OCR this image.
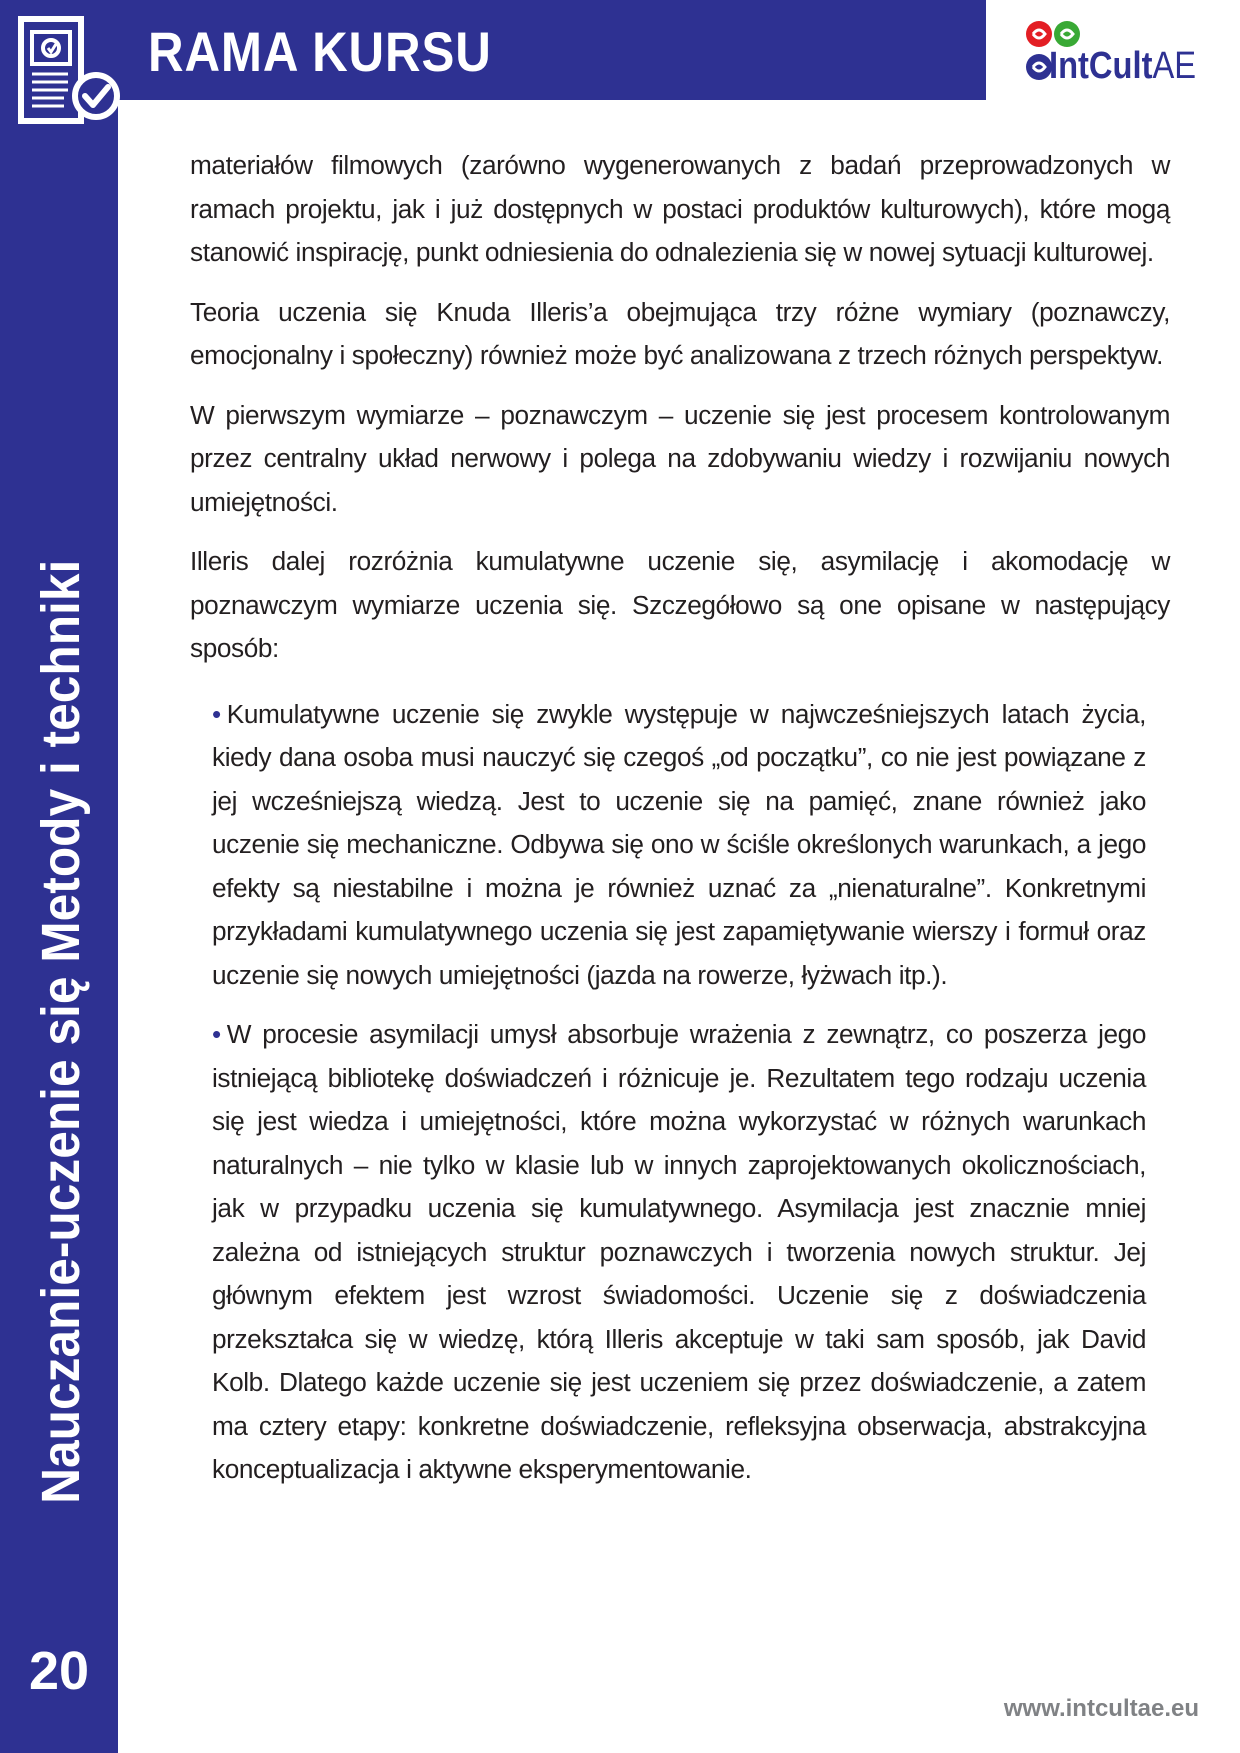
RAMA KURSU	IntCultAE
Nauczanie-uczenie się Metody i techniki
20

materiałów filmowych (zarówno wygenerowanych z badań przeprowadzonych w ramach projektu, jak i już dostępnych w postaci produktów kulturowych), które mogą stanowić inspirację, punkt odniesienia do odnalezienia się w nowej sytuacji kulturowej.

Teoria uczenia się Knuda Illeris’a obejmująca trzy różne wymiary (poznawczy, emocjonalny i społeczny) również może być analizowana z trzech różnych perspektyw.

W pierwszym wymiarze – poznawczym – uczenie się jest procesem kontrolowanym przez centralny układ nerwowy i polega na zdobywaniu wiedzy i rozwijaniu nowych umiejętności.

Illeris dalej rozróżnia kumulatywne uczenie się, asymilację i akomodację w poznawczym wymiarze uczenia się. Szczegółowo są one opisane w następujący sposób:

• Kumulatywne uczenie się zwykle występuje w najwcześniejszych latach życia, kiedy dana osoba musi nauczyć się czegoś „od początku”, co nie jest powiązane z jej wcześniejszą wiedzą. Jest to uczenie się na pamięć, znane również jako uczenie się mechaniczne. Odbywa się ono w ściśle określonych warunkach, a jego efekty są niestabilne i można je również uznać za „nienaturalne”. Konkretnymi przykładami kumulatywnego uczenia się jest zapamiętywanie wierszy i formuł oraz uczenie się nowych umiejętności (jazda na rowerze, łyżwach itp.).
• W procesie asymilacji umysł absorbuje wrażenia z zewnątrz, co poszerza jego istniejącą bibliotekę doświadczeń i różnicuje je. Rezultatem tego rodzaju uczenia się jest wiedza i umiejętności, które można wykorzystać w różnych warunkach naturalnych – nie tylko w klasie lub w innych zaprojektowanych okolicznościach, jak w przypadku uczenia się kumulatywnego. Asymilacja jest znacznie mniej zależna od istniejących struktur poznawczych i tworzenia nowych struktur. Jej głównym efektem jest wzrost świadomości. Uczenie się z doświadczenia przekształca się w wiedzę, którą Illeris akceptuje w taki sam sposób, jak David Kolb. Dlatego każde uczenie się jest uczeniem się przez doświadczenie, a zatem ma cztery etapy: konkretne doświadczenie, refleksyjna obserwacja, abstrakcyjna konceptualizacja i aktywne eksperymentowanie.
www.intcultae.eu
